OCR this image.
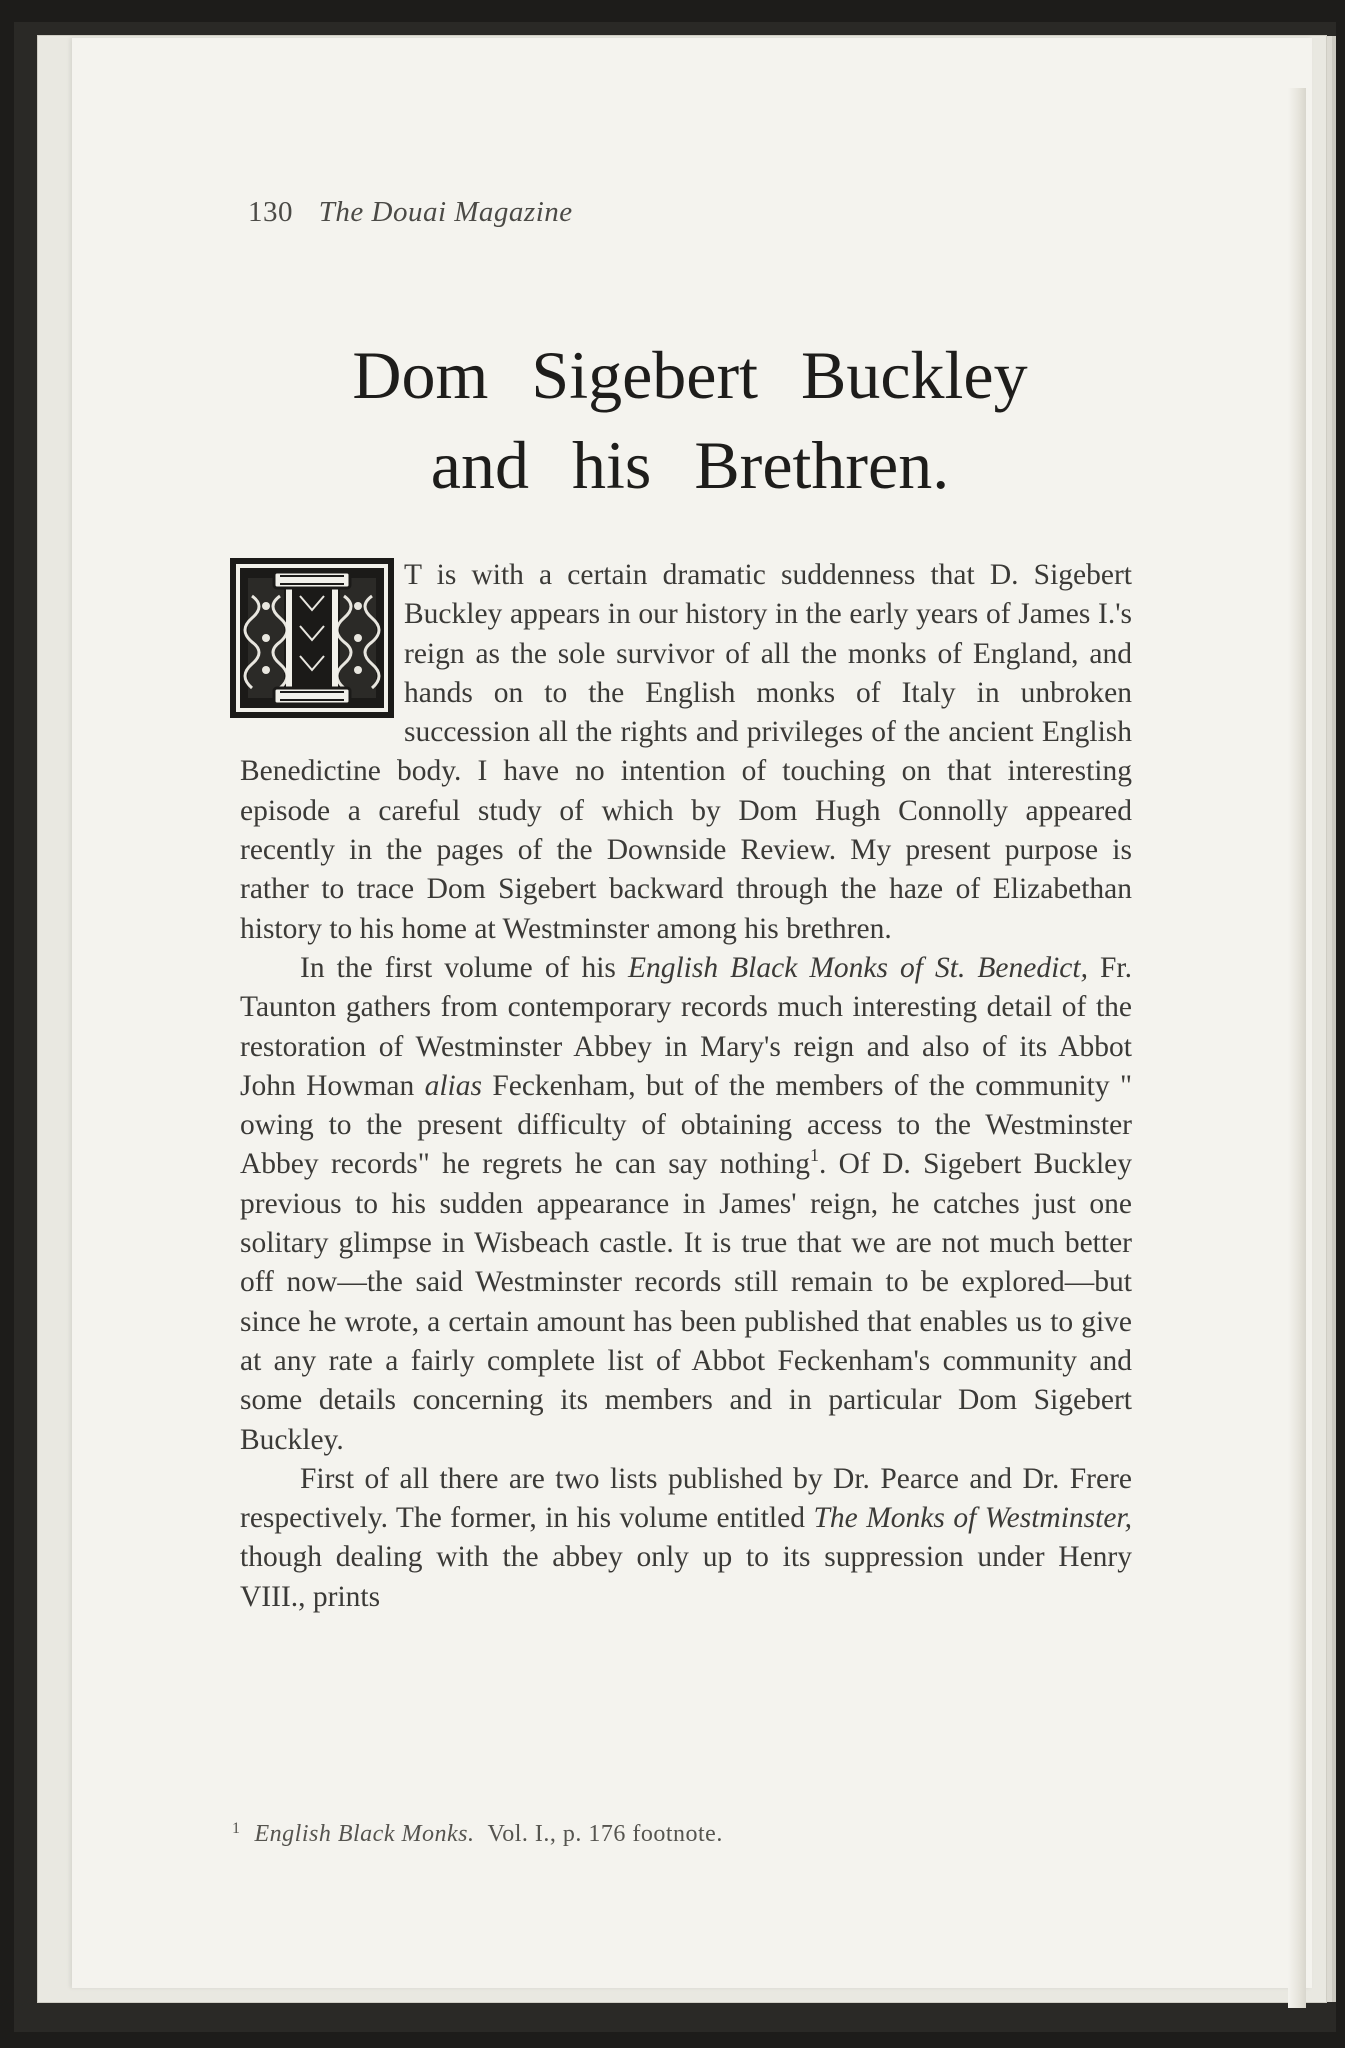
130 The Douai Magazine
Dom Sigebert Buckley
and his Brethren.

T is with a certain dramatic suddenness that D. Sigebert Buckley appears in our history in the early years of James I.'s reign as the sole survivor of all the monks of England, and hands on to the English monks of Italy in unbroken succession all the rights and privileges of the ancient English Benedictine body. I have no intention of touching on that interesting episode a careful study of which by Dom Hugh Connolly appeared recently in the pages of the Downside Review. My present purpose is rather to trace Dom Sigebert backward through the haze of Elizabethan history to his home at Westminster among his brethren.

In the first volume of his English Black Monks of St. Benedict, Fr. Taunton gathers from contemporary records much interesting detail of the restoration of Westminster Abbey in Mary's reign and also of its Abbot John Howman alias Feckenham, but of the members of the community " owing to the present difficulty of obtaining access to the Westminster Abbey records" he regrets he can say nothing$^1$. Of D. Sigebert Buckley previous to his sudden appearance in James' reign, he catches just one solitary glimpse in Wisbeach castle. It is true that we are not much better off now—the said Westminster records still remain to be explored—but since he wrote, a certain amount has been published that enables us to give at any rate a fairly complete list of Abbot Feckenham's community and some details concerning its members and in particular Dom Sigebert Buckley.

First of all there are two lists published by Dr. Pearce and Dr. Frere respectively. The former, in his volume entitled The Monks of Westminster, though dealing with the abbey only up to its suppression under Henry VIII., prints

$^1$ English Black Monks. Vol. I., p. 176 footnote.
